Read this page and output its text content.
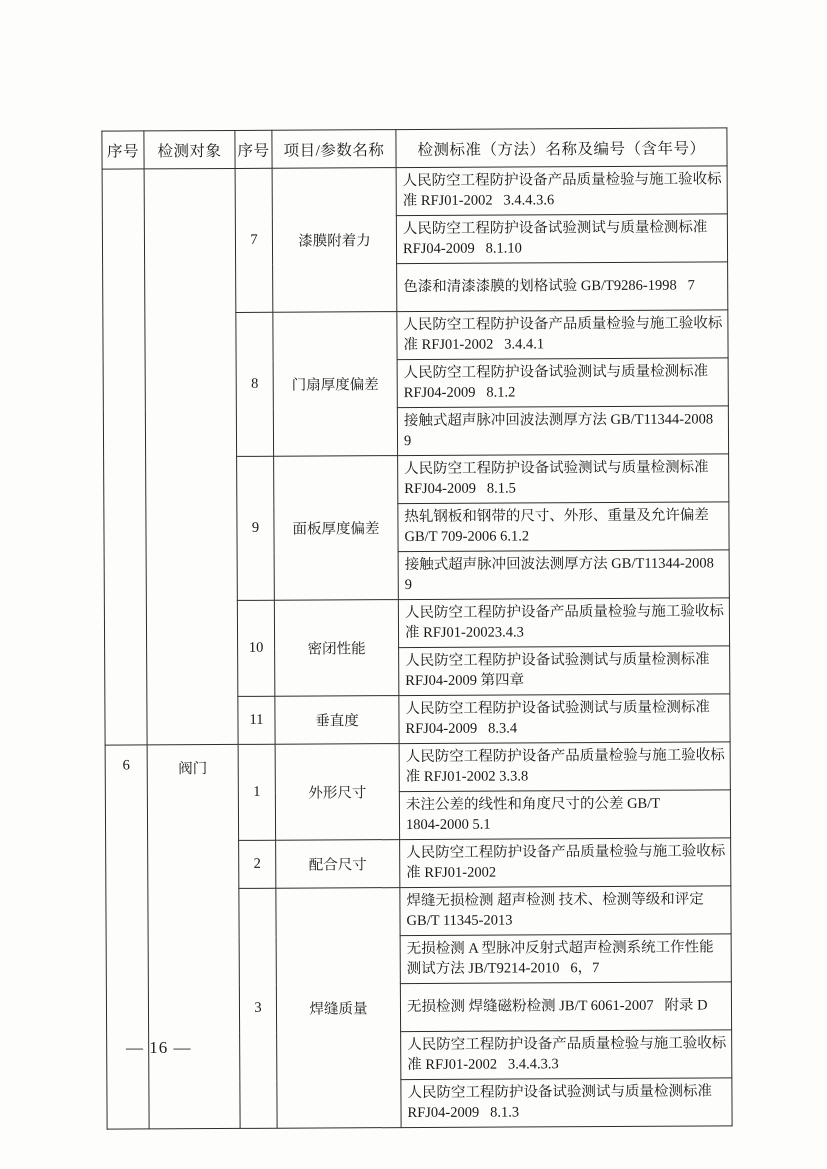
序号	检测对象	序号	项目/参数名称	检测标准（方法）名称及编号（含年号）
		7	漆膜附着力	人民防空工程防护设备产品质量检验与施工验收标
准 RFJ01-2002   3.4.4.3.6
				人民防空工程防护设备试验测试与质量检测标准
RFJ04-2009   8.1.10
				色漆和清漆漆膜的划格试验 GB/T9286-1998   7
		8	门扇厚度偏差	人民防空工程防护设备产品质量检验与施工验收标
准 RFJ01-2002   3.4.4.1
				人民防空工程防护设备试验测试与质量检测标准
RFJ04-2009   8.1.2
				接触式超声脉冲回波法测厚方法 GB/T11344-2008
9
		9	面板厚度偏差	人民防空工程防护设备试验测试与质量检测标准
RFJ04-2009   8.1.5
				热轧钢板和钢带的尺寸、外形、重量及允许偏差
GB/T 709-2006 6.1.2
				接触式超声脉冲回波法测厚方法 GB/T11344-2008
9
		10	密闭性能	人民防空工程防护设备产品质量检验与施工验收标
准 RFJ01-20023.4.3
				人民防空工程防护设备试验测试与质量检测标准
RFJ04-2009 第四章
		11	垂直度	人民防空工程防护设备试验测试与质量检测标准
RFJ04-2009   8.3.4
6	阀门	1	外形尺寸	人民防空工程防护设备产品质量检验与施工验收标
准 RFJ01-2002 3.3.8
				未注公差的线性和角度尺寸的公差 GB/T
1804-2000 5.1
		2	配合尺寸	人民防空工程防护设备产品质量检验与施工验收标
准 RFJ01-2002
		3	焊缝质量	焊缝无损检测 超声检测 技术、检测等级和评定
GB/T 11345-2013
				无损检测 A 型脉冲反射式超声检测系统工作性能
测试方法 JB/T9214-2010   6，7
				无损检测 焊缝磁粉检测 JB/T 6061-2007   附录 D
				人民防空工程防护设备产品质量检验与施工验收标
准 RFJ01-2002   3.4.4.3.3
				人民防空工程防护设备试验测试与质量检测标准
RFJ04-2009   8.1.3
— 16 —
